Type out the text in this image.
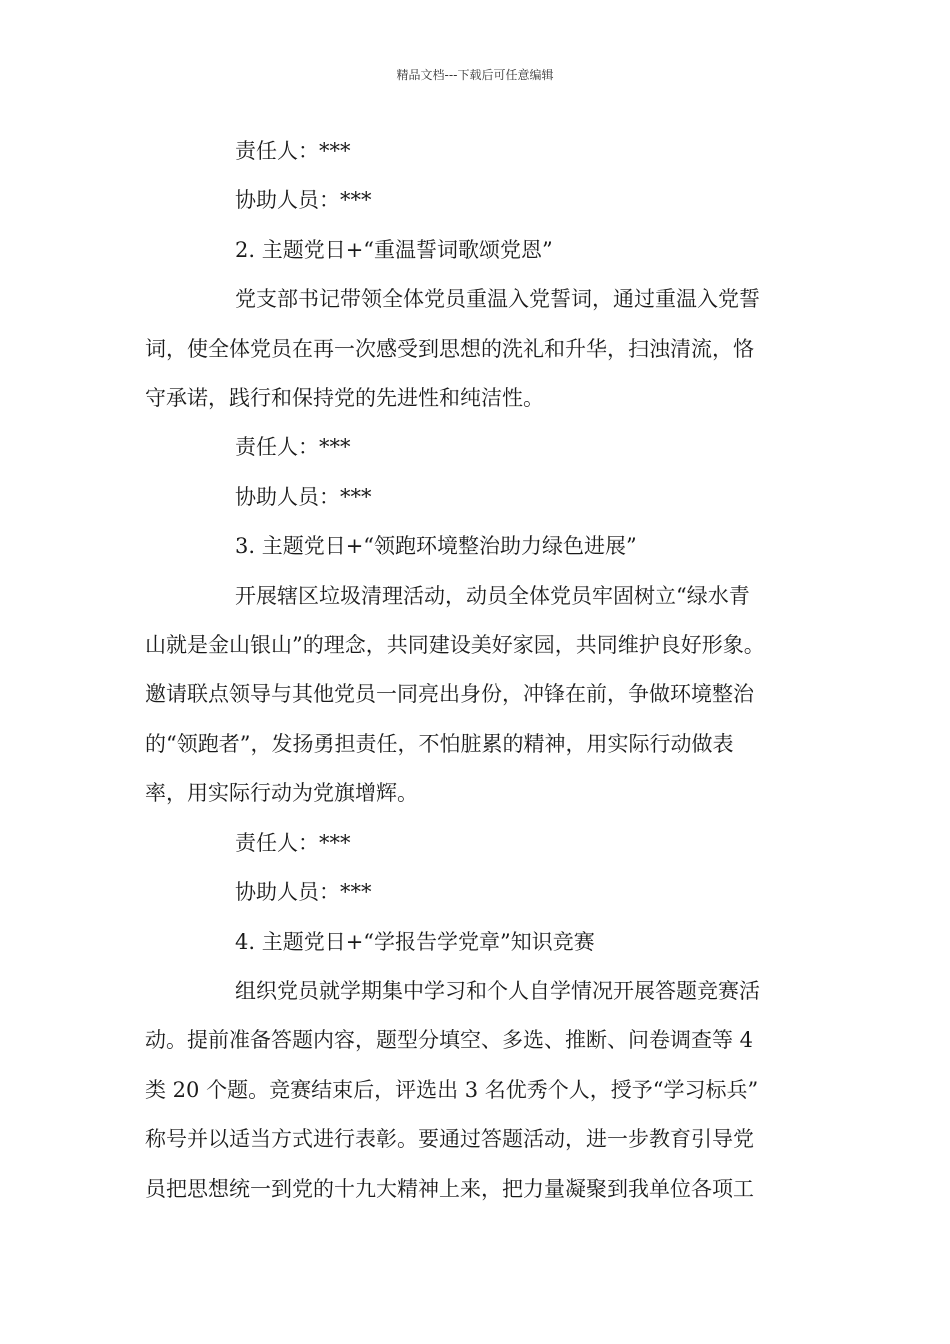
精品文档---下载后可任意编辑

责任人：***

协助人员：***

2. 主题党日+“重温誓词歌颂党恩”

党支部书记带领全体党员重温入党誓词，通过重温入党誓

词，使全体党员在再一次感受到思想的洗礼和升华，扫浊清流，恪

守承诺，践行和保持党的先进性和纯洁性。

责任人：***

协助人员：***

3. 主题党日+“领跑环境整治助力绿色进展”

开展辖区垃圾清理活动，动员全体党员牢固树立“绿水青

山就是金山银山”的理念，共同建设美好家园，共同维护良好形象。

邀请联点领导与其他党员一同亮出身份，冲锋在前，争做环境整治

的“领跑者”，发扬勇担责任，不怕脏累的精神，用实际行动做表

率，用实际行动为党旗增辉。

责任人：***

协助人员：***

4. 主题党日+“学报告学党章”知识竞赛

组织党员就学期集中学习和个人自学情况开展答题竞赛活

动。提前准备答题内容，题型分填空、多选、推断、问卷调查等 4

类 20 个题。竞赛结束后，评选出 3 名优秀个人，授予“学习标兵”

称号并以适当方式进行表彰。要通过答题活动，进一步教育引导党

员把思想统一到党的十九大精神上来，把力量凝聚到我单位各项工
